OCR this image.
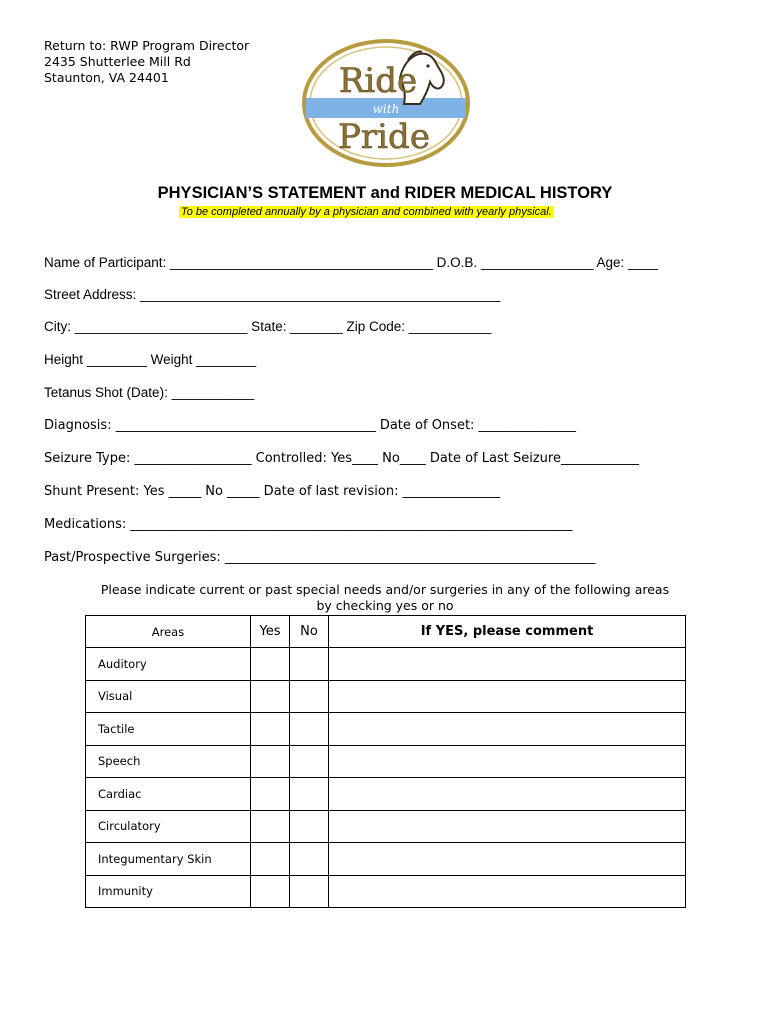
Return to: RWP Program Director
2435 Shutterlee Mill Rd
Staunton, VA 24401	Ride
with
Pride
PHYSICIAN’S STATEMENT and RIDER MEDICAL HISTORY
To be completed annually by a physician and combined with yearly physical.
Name of Participant: ___________________________________ D.O.B. _______________ Age: ____
Street Address: ________________________________________________
City: _______________________ State: _______ Zip Code: ___________
Height ________ Weight ________
Tetanus Shot (Date): ___________
Diagnosis: ________________________________________ Date of Onset: _______________
Seizure Type: __________________ Controlled: Yes____ No____ Date of Last Seizure____________
Shunt Present: Yes _____ No _____ Date of last revision: _______________
Medications: ____________________________________________________________________
Past/Prospective Surgeries: _________________________________________________________
Please indicate current or past special needs and/or surgeries in any of the following areas
by checking yes or no
Areas	Yes	No	If YES, please comment
Auditory			
Visual			
Tactile			
Speech			
Cardiac			
Circulatory			
Integumentary Skin			
Immunity			
